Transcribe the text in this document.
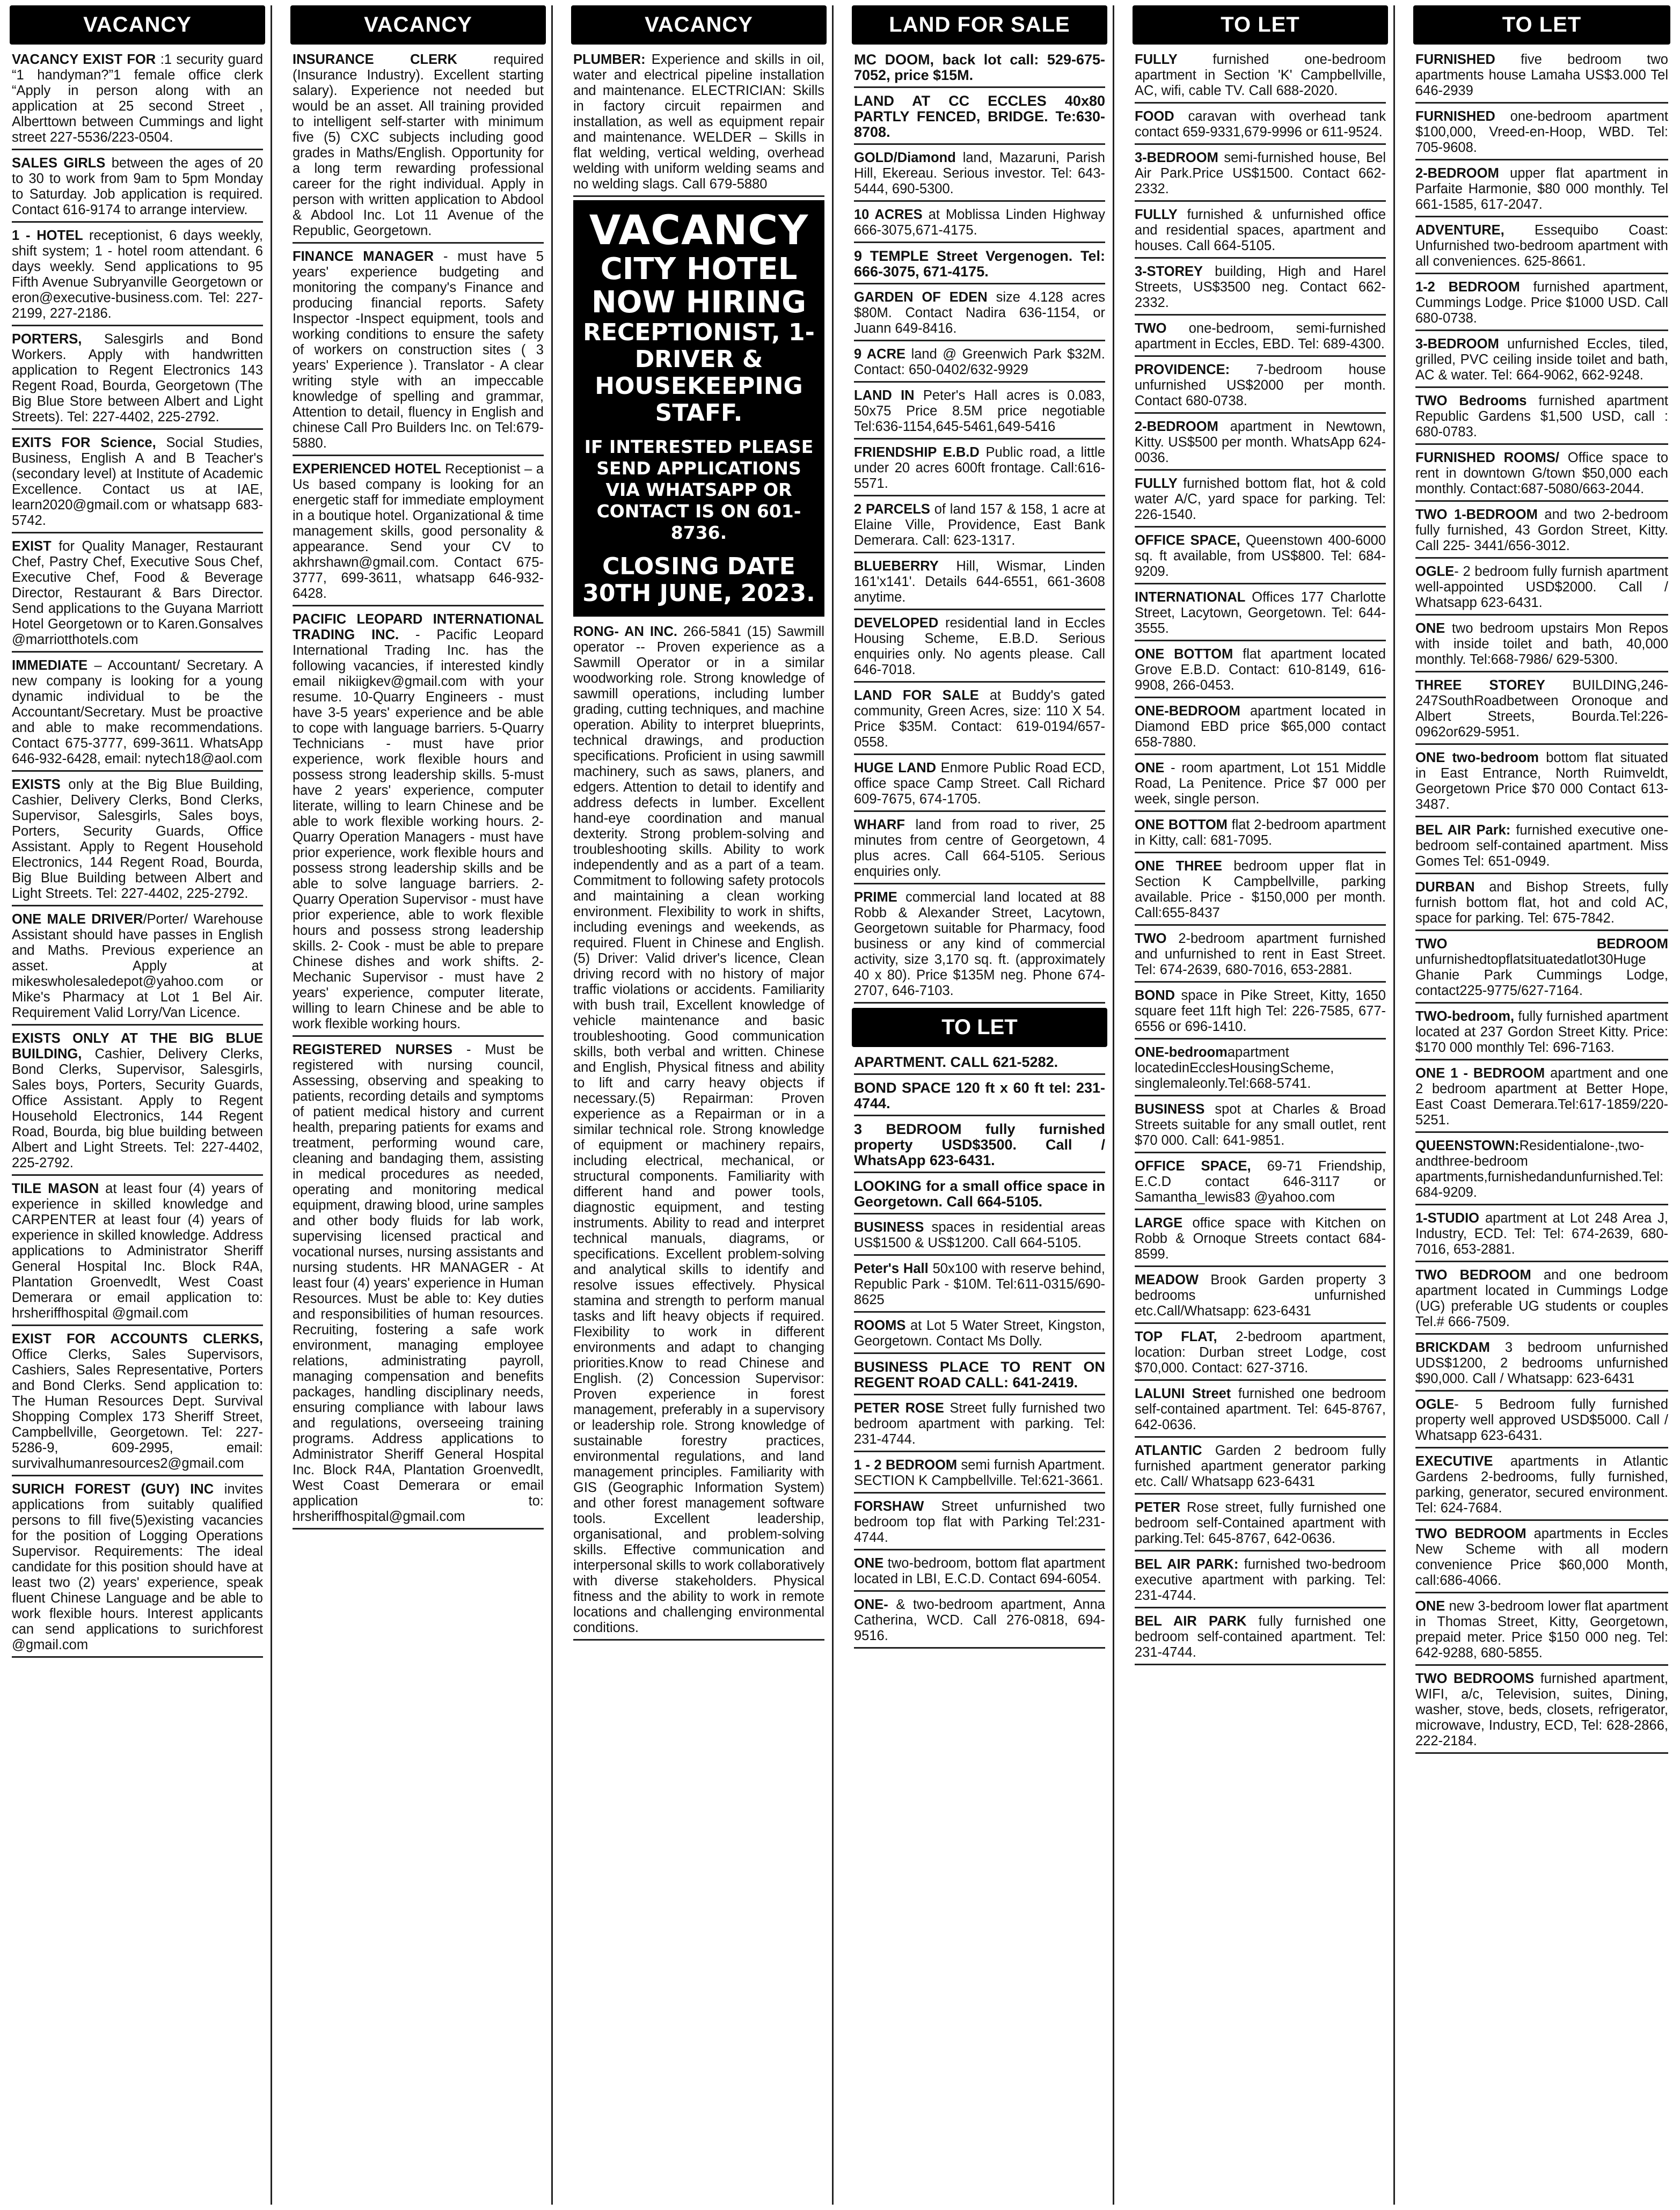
VACANCY
VACANCY EXIST FOR :1 security guard “1 handyman?”1 female office clerk “Apply in person along with an application at 25 second Street , Alberttown between Cummings and light street 227-5536/223-0504.
SALES GIRLS between the ages of 20 to 30 to work from 9am to 5pm Monday to Saturday. Job application is required. Contact 616-9174 to arrange interview.
1 - HOTEL receptionist, 6 days weekly, shift system; 1 - hotel room attendant. 6 days weekly. Send applications to 95 Fifth Avenue Subryanville Georgetown or eron@executive-business.com. Tel: 227-2199, 227-2186.
PORTERS, Salesgirls and Bond Workers. Apply with handwritten application to Regent Electronics 143 Regent Road, Bourda, Georgetown (The Big Blue Store between Albert and Light Streets). Tel: 227-4402, 225-2792.
EXITS FOR Science, Social Studies, Business, English A and B Teacher's (secondary level) at Institute of Academic Excellence. Contact us at IAE, learn2020@gmail.com or whatsapp 683-5742.
EXIST for Quality Manager, Restaurant Chef, Pastry Chef, Executive Sous Chef, Executive Chef, Food & Beverage Director, Restaurant & Bars Director. Send applications to the Guyana Marriott Hotel Georgetown or to Karen.Gonsalves @marriotthotels.com
IMMEDIATE – Accountant/ Secretary. A new company is looking for a young dynamic individual to be the Accountant/Secretary. Must be proactive and able to make recommendations. Contact 675-3777, 699-3611. WhatsApp 646-932-6428, email: nytech18@aol.com
EXISTS only at the Big Blue Building, Cashier, Delivery Clerks, Bond Clerks, Supervisor, Salesgirls, Sales boys, Porters, Security Guards, Office Assistant. Apply to Regent Household Electronics, 144 Regent Road, Bourda, Big Blue Building between Albert and Light Streets. Tel: 227-4402, 225-2792.
ONE MALE DRIVER/Porter/ Warehouse Assistant should have passes in English and Maths. Previous experience an asset. Apply at mikeswholesaledepot@yahoo.com or Mike's Pharmacy at Lot 1 Bel Air. Requirement Valid Lorry/Van Licence.
EXISTS ONLY AT THE BIG BLUE BUILDING, Cashier, Delivery Clerks, Bond Clerks, Supervisor, Salesgirls, Sales boys, Porters, Security Guards, Office Assistant. Apply to Regent Household Electronics, 144 Regent Road, Bourda, big blue building between Albert and Light Streets. Tel: 227-4402, 225-2792.
TILE MASON at least four (4) years of experience in skilled knowledge and CARPENTER at least four (4) years of experience in skilled knowledge. Address applications to Administrator Sheriff General Hospital Inc. Block R4A, Plantation Groenvedlt, West Coast Demerara or email application to: hrsheriffhospital @gmail.com
EXIST FOR ACCOUNTS CLERKS, Office Clerks, Sales Supervisors, Cashiers, Sales Representative, Porters and Bond Clerks. Send application to: The Human Resources Dept. Survival Shopping Complex 173 Sheriff Street, Campbellville, Georgetown. Tel: 227-5286-9, 609-2995, email: survivalhumanresources2@gmail.com
SURICH FOREST (GUY) INC invites applications from suitably qualified persons to fill five(5)existing vacancies for the position of Logging Operations Supervisor. Requirements: The ideal candidate for this position should have at least two (2) years' experience, speak fluent Chinese Language and be able to work flexible hours. Interest applicants can send applications to surichforest @gmail.com
VACANCY
INSURANCE CLERK required (Insurance Industry). Excellent starting salary). Experience not needed but would be an asset. All training provided to intelligent self-starter with minimum five (5) CXC subjects including good grades in Maths/English. Opportunity for a long term rewarding professional career for the right individual. Apply in person with written application to Abdool & Abdool Inc. Lot 11 Avenue of the Republic, Georgetown.
FINANCE MANAGER - must have 5 years' experience budgeting and monitoring the company's Finance and producing financial reports. Safety Inspector -Inspect equipment, tools and working conditions to ensure the safety of workers on construction sites ( 3 years' Experience ). Translator - A clear writing style with an impeccable knowledge of spelling and grammar, Attention to detail, fluency in English and chinese Call Pro Builders Inc. on Tel:679-5880.
EXPERIENCED HOTEL Receptionist – a Us based company is looking for an energetic staff for immediate employment in a boutique hotel. Organizational & time management skills, good personality & appearance. Send your CV to akhrshawn@gmail.com. Contact 675-3777, 699-3611, whatsapp 646-932-6428.
PACIFIC LEOPARD INTERNATIONAL TRADING INC. - Pacific Leopard International Trading Inc. has the following vacancies, if interested kindly email nikiigkev@gmail.com with your resume. 10-Quarry Engineers - must have 3-5 years' experience and be able to cope with language barriers. 5-Quarry Technicians - must have prior experience, work flexible hours and possess strong leadership skills. 5-must have 2 years' experience, computer literate, willing to learn Chinese and be able to work flexible working hours. 2- Quarry Operation Managers - must have prior experience, work flexible hours and possess strong leadership skills and be able to solve language barriers. 2- Quarry Operation Supervisor - must have prior experience, able to work flexible hours and possess strong leadership skills. 2- Cook - must be able to prepare Chinese dishes and work shifts. 2- Mechanic Supervisor - must have 2 years' experience, computer literate, willing to learn Chinese and be able to work flexible working hours.
REGISTERED NURSES - Must be registered with nursing council, Assessing, observing and speaking to patients, recording details and symptoms of patient medical history and current health, preparing patients for exams and treatment, performing wound care, cleaning and bandaging them, assisting in medical procedures as needed, operating and monitoring medical equipment, drawing blood, urine samples and other body fluids for lab work, supervising licensed practical and vocational nurses, nursing assistants and nursing students. HR MANAGER - At least four (4) years' experience in Human Resources. Must be able to: Key duties and responsibilities of human resources. Recruiting, fostering a safe work environment, managing employee relations, administrating payroll, managing compensation and benefits packages, handling disciplinary needs, ensuring compliance with labour laws and regulations, overseeing training programs. Address applications to Administrator Sheriff General Hospital Inc. Block R4A, Plantation Groenvedlt, West Coast Demerara or email application to: hrsheriffhospital@gmail.com
VACANCY
PLUMBER: Experience and skills in oil, water and electrical pipeline installation and maintenance. ELECTRICIAN: Skills in factory circuit repairmen and installation, as well as equipment repair and maintenance. WELDER – Skills in flat welding, vertical welding, overhead welding with uniform welding seams and no welding slags. Call 679-5880
VACANCY
CITY HOTEL
NOW HIRING
RECEPTIONIST, 1-DRIVER & HOUSEKEEPING STAFF.
IF INTERESTED PLEASE SEND APPLICATIONS VIA WHATSAPP OR CONTACT IS ON 601-8736.
CLOSING DATE
30TH JUNE, 2023.
RONG- AN INC. 266-5841 (15) Sawmill operator -- Proven experience as a Sawmill Operator or in a similar woodworking role. Strong knowledge of sawmill operations, including lumber grading, cutting techniques, and machine operation. Ability to interpret blueprints, technical drawings, and production specifications. Proficient in using sawmill machinery, such as saws, planers, and edgers. Attention to detail to identify and address defects in lumber. Excellent hand-eye coordination and manual dexterity. Strong problem-solving and troubleshooting skills. Ability to work independently and as a part of a team. Commitment to following safety protocols and maintaining a clean working environment. Flexibility to work in shifts, including evenings and weekends, as required. Fluent in Chinese and English.(5) Driver: Valid driver's licence, Clean driving record with no history of major traffic violations or accidents. Familiarity with bush trail, Excellent knowledge of vehicle maintenance and basic troubleshooting. Good communication skills, both verbal and written. Chinese and English, Physical fitness and ability to lift and carry heavy objects if necessary.(5) Repairman: Proven experience as a Repairman or in a similar technical role. Strong knowledge of equipment or machinery repairs, including electrical, mechanical, or structural components. Familiarity with different hand and power tools, diagnostic equipment, and testing instruments. Ability to read and interpret technical manuals, diagrams, or specifications. Excellent problem-solving and analytical skills to identify and resolve issues effectively. Physical stamina and strength to perform manual tasks and lift heavy objects if required. Flexibility to work in different environments and adapt to changing priorities.Know to read Chinese and English. (2) Concession Supervisor: Proven experience in forest management, preferably in a supervisory or leadership role. Strong knowledge of sustainable forestry practices, environmental regulations, and land management principles. Familiarity with GIS (Geographic Information System) and other forest management software tools. Excellent leadership, organisational, and problem-solving skills. Effective communication and interpersonal skills to work collaboratively with diverse stakeholders. Physical fitness and the ability to work in remote locations and challenging environmental conditions.
LAND FOR SALE
MC DOOM, back lot call: 529-675-7052, price $15M.
LAND AT CC ECCLES 40x80 PARTLY FENCED, BRIDGE. Te:630-8708.
GOLD/Diamond land, Mazaruni, Parish Hill, Ekereau. Serious investor. Tel: 643-5444, 690-5300.
10 ACRES at Moblissa Linden Highway 666-3075,671-4175.
9 TEMPLE Street Vergenogen. Tel: 666-3075, 671-4175.
GARDEN OF EDEN size 4.128 acres $80M. Contact Nadira 636-1154, or Juann 649-8416.
9 ACRE land @ Greenwich Park $32M. Contact: 650-0402/632-9929
LAND IN Peter's Hall acres is 0.083, 50x75 Price 8.5M price negotiable Tel:636-1154,645-5461,649-5416
FRIENDSHIP E.B.D Public road, a little under 20 acres 600ft frontage. Call:616-5571.
2 PARCELS of land 157 & 158, 1 acre at Elaine Ville, Providence, East Bank Demerara. Call: 623-1317.
BLUEBERRY Hill, Wismar, Linden 161'x141'. Details 644-6551, 661-3608 anytime.
DEVELOPED residential land in Eccles Housing Scheme, E.B.D. Serious enquiries only. No agents please. Call 646-7018.
LAND FOR SALE at Buddy's gated community, Green Acres, size: 110 X 54. Price $35M. Contact: 619-0194/657-0558.
HUGE LAND Enmore Public Road ECD, office space Camp Street. Call Richard 609-7675, 674-1705.
WHARF land from road to river, 25 minutes from centre of Georgetown, 4 plus acres. Call 664-5105. Serious enquiries only.
PRIME commercial land located at 88 Robb & Alexander Street, Lacytown, Georgetown suitable for Pharmacy, food business or any kind of commercial activity, size 3,170 sq. ft. (approximately 40 x 80). Price $135M neg. Phone 674-2707, 646-7103.
TO LET
APARTMENT. CALL 621-5282.
BOND SPACE 120 ft x 60 ft tel: 231-4744.
3 BEDROOM fully furnished property USD$3500. Call / WhatsApp 623-6431.
LOOKING for a small office space in Georgetown. Call 664-5105.
BUSINESS spaces in residential areas US$1500 & US$1200. Call 664-5105.
Peter's Hall 50x100 with reserve behind, Republic Park - $10M. Tel:611-0315/690-8625
ROOMS at Lot 5 Water Street, Kingston, Georgetown. Contact Ms Dolly.
BUSINESS PLACE TO RENT ON REGENT ROAD CALL: 641-2419.
PETER ROSE Street fully furnished two bedroom apartment with parking. Tel: 231-4744.
1 - 2 BEDROOM semi furnish Apartment. SECTION K Campbellville. Tel:621-3661.
FORSHAW Street unfurnished two bedroom top flat with Parking Tel:231-4744.
ONE two-bedroom, bottom flat apartment located in LBI, E.C.D. Contact 694-6054.
ONE- & two-bedroom apartment, Anna Catherina, WCD. Call 276-0818, 694-9516.
TO LET
FULLY furnished one-bedroom apartment in Section 'K' Campbellville, AC, wifi, cable TV. Call 688-2020.
FOOD caravan with overhead tank contact 659-9331,679-9996 or 611-9524.
3-BEDROOM semi-furnished house, Bel Air Park.Price US$1500. Contact 662-2332.
FULLY furnished & unfurnished office and residential spaces, apartment and houses. Call 664-5105.
3-STOREY building, High and Harel Streets, US$3500 neg. Contact 662-2332.
TWO one-bedroom, semi-furnished apartment in Eccles, EBD. Tel: 689-4300.
PROVIDENCE: 7-bedroom house unfurnished US$2000 per month. Contact 680-0738.
2-BEDROOM apartment in Newtown, Kitty. US$500 per month. WhatsApp 624-0036.
FULLY furnished bottom flat, hot & cold water A/C, yard space for parking. Tel: 226-1540.
OFFICE SPACE, Queenstown 400-6000 sq. ft available, from US$800. Tel: 684-9209.
INTERNATIONAL Offices 177 Charlotte Street, Lacytown, Georgetown. Tel: 644-3555.
ONE BOTTOM flat apartment located Grove E.B.D. Contact: 610-8149, 616-9908, 266-0453.
ONE-BEDROOM apartment located in Diamond EBD price $65,000 contact 658-7880.
ONE - room apartment, Lot 151 Middle Road, La Penitence. Price $7 000 per week, single person.
ONE BOTTOM flat 2-bedroom apartment in Kitty, call: 681-7095.
ONE THREE bedroom upper flat in Section K Campbellville, parking available. Price - $150,000 per month. Call:655-8437
TWO 2-bedroom apartment furnished and unfurnished to rent in East Street. Tel: 674-2639, 680-7016, 653-2881.
BOND space in Pike Street, Kitty, 1650 square feet 11ft high Tel: 226-7585, 677-6556 or 696-1410.
ONE-bedroomapartment locatedinEcclesHousingScheme, singlemaleonly.Tel:668-5741.
BUSINESS spot at Charles & Broad Streets suitable for any small outlet, rent $70 000. Call: 641-9851.
OFFICE SPACE, 69-71 Friendship, E.C.D contact 646-3117 or Samantha_lewis83 @yahoo.com
LARGE office space with Kitchen on Robb & Ornoque Streets contact 684-8599.
MEADOW Brook Garden property 3 bedrooms unfurnished etc.Call/Whatsapp: 623-6431
TOP FLAT, 2-bedroom apartment, location: Durban street Lodge, cost $70,000. Contact: 627-3716.
LALUNI Street furnished one bedroom self-contained apartment. Tel: 645-8767, 642-0636.
ATLANTIC Garden 2 bedroom fully furnished apartment generator parking etc. Call/ Whatsapp 623-6431
PETER Rose street, fully furnished one bedroom self-Contained apartment with parking.Tel: 645-8767, 642-0636.
BEL AIR PARK: furnished two-bedroom executive apartment with parking. Tel: 231-4744.
BEL AIR PARK fully furnished one bedroom self-contained apartment. Tel: 231-4744.
TO LET
FURNISHED five bedroom two apartments house Lamaha US$3.000 Tel 646-2939
FURNISHED one-bedroom apartment $100,000, Vreed-en-Hoop, WBD. Tel: 705-9608.
2-BEDROOM upper flat apartment in Parfaite Harmonie, $80 000 monthly. Tel 661-1585, 617-2047.
ADVENTURE, Essequibo Coast: Unfurnished two-bedroom apartment with all conveniences. 625-8661.
1-2 BEDROOM furnished apartment, Cummings Lodge. Price $1000 USD. Call 680-0738.
3-BEDROOM unfurnished Eccles, tiled, grilled, PVC ceiling inside toilet and bath, AC & water. Tel: 664-9062, 662-9248.
TWO Bedrooms furnished apartment Republic Gardens $1,500 USD, call : 680-0783.
FURNISHED ROOMS/ Office space to rent in downtown G/town $50,000 each monthly. Contact:687-5080/663-2044.
TWO 1-BEDROOM and two 2-bedroom fully furnished, 43 Gordon Street, Kitty. Call 225- 3441/656-3012.
OGLE- 2 bedroom fully furnish apartment well-appointed USD$2000. Call / Whatsapp 623-6431.
ONE two bedroom upstairs Mon Repos with inside toilet and bath, 40,000 monthly. Tel:668-7986/ 629-5300.
THREE STOREY BUILDING,246-247SouthRoadbetween Oronoque and Albert Streets, Bourda.Tel:226-0962or629-5951.
ONE two-bedroom bottom flat situated in East Entrance, North Ruimveldt, Georgetown Price $70 000 Contact 613-3487.
BEL AIR Park: furnished executive one-bedroom self-contained apartment. Miss Gomes Tel: 651-0949.
DURBAN and Bishop Streets, fully furnish bottom flat, hot and cold AC, space for parking. Tel: 675-7842.
TWO BEDROOM unfurnishedtopflatsituatedatlot30Huge Ghanie Park Cummings Lodge, contact225-9775/627-7164.
TWO-bedroom, fully furnished apartment located at 237 Gordon Street Kitty. Price: $170 000 monthly Tel: 696-7163.
ONE 1 - BEDROOM apartment and one 2 bedroom apartment at Better Hope, East Coast Demerara.Tel:617-1859/220-5251.
QUEENSTOWN:Residentialone-,two-andthree-bedroom apartments,furnishedandunfurnished.Tel: 684-9209.
1-STUDIO apartment at Lot 248 Area J, Industry, ECD. Tel: Tel: 674-2639, 680-7016, 653-2881.
TWO BEDROOM and one bedroom apartment located in Cummings Lodge (UG) preferable UG students or couples Tel.# 666-7509.
BRICKDAM 3 bedroom unfurnished UDS$1200, 2 bedrooms unfurnished $90,000. Call / Whatsapp: 623-6431
OGLE- 5 Bedroom fully furnished property well approved USD$5000. Call / Whatsapp 623-6431.
EXECUTIVE apartments in Atlantic Gardens 2-bedrooms, fully furnished, parking, generator, secured environment. Tel: 624-7684.
TWO BEDROOM apartments in Eccles New Scheme with all modern convenience Price $60,000 Month, call:686-4066.
ONE new 3-bedroom lower flat apartment in Thomas Street, Kitty, Georgetown, prepaid meter. Price $150 000 neg. Tel: 642-9288, 680-5855.
TWO BEDROOMS furnished apartment, WIFI, a/c, Television, suites, Dining, washer, stove, beds, closets, refrigerator, microwave, Industry, ECD, Tel: 628-2866, 222-2184.
